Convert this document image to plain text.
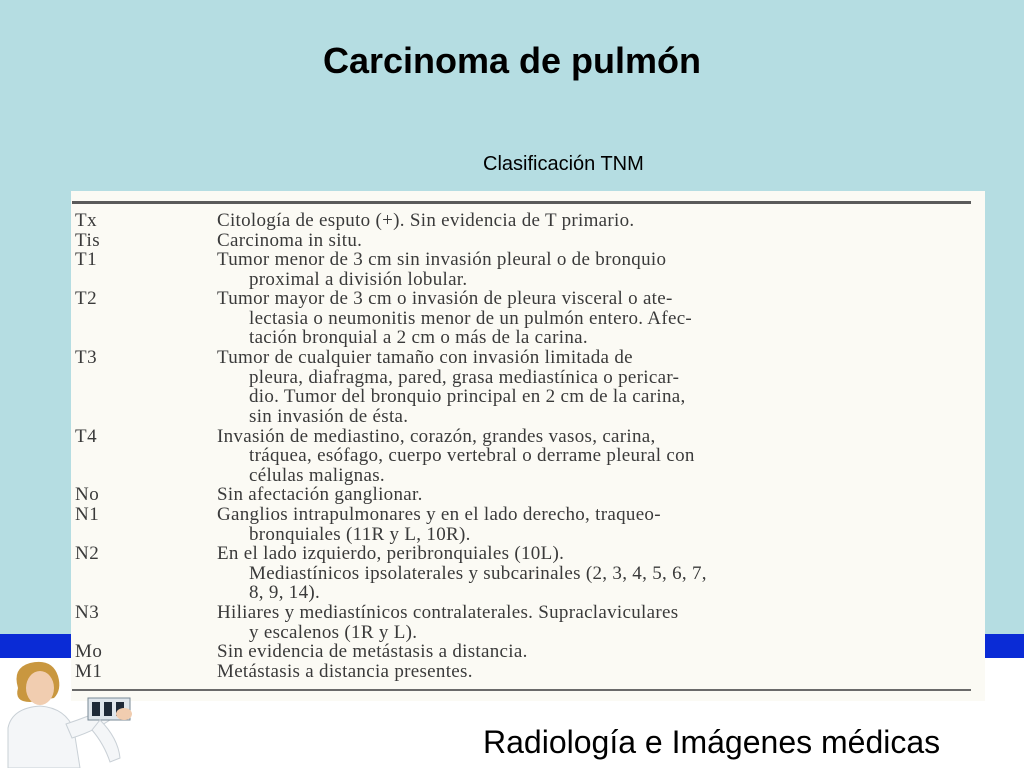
Carcinoma de pulmón
Clasificación TNM
Tx	Citología de esputo (+). Sin evidencia de T primario.
Tis	Carcinoma in situ.
T1	Tumor menor de 3 cm sin invasión pleural o de bronquio
proximal a división lobular.
T2	Tumor mayor de 3 cm o invasión de pleura visceral o ate-
lectasia o neumonitis menor de un pulmón entero. Afec-
tación bronquial a 2 cm o más de la carina.
T3	Tumor de cualquier tamaño con invasión limitada de
pleura, diafragma, pared, grasa mediastínica o pericar-
dio. Tumor del bronquio principal en 2 cm de la carina,
sin invasión de ésta.
T4	Invasión de mediastino, corazón, grandes vasos, carina,
tráquea, esófago, cuerpo vertebral o derrame pleural con
células malignas.
No	Sin afectación ganglionar.
N1	Ganglios intrapulmonares y en el lado derecho, traqueo-
bronquiales (11R y L, 10R).
N2	En el lado izquierdo, peribronquiales (10L).
Mediastínicos ipsolaterales y subcarinales (2, 3, 4, 5, 6, 7,
8, 9, 14).
N3	Hiliares y mediastínicos contralaterales. Supraclaviculares
y escalenos (1R y L).
Mo	Sin evidencia de metástasis a distancia.
M1	Metástasis a distancia presentes.
Radiología e Imágenes médicas
